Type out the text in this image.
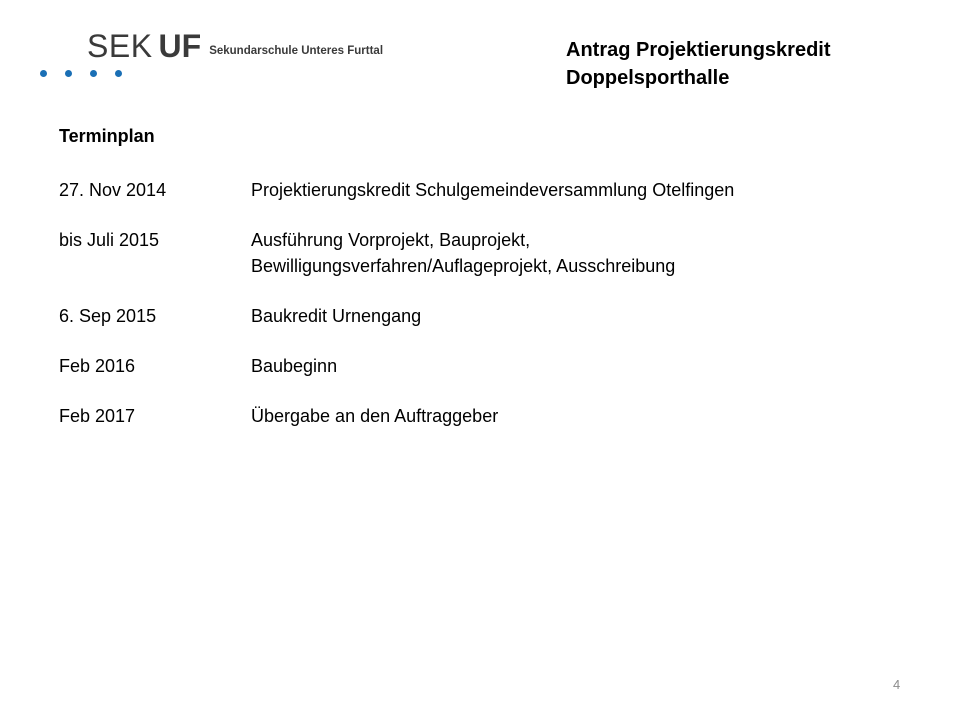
SEK UF Sekundarschule Unteres Furttal	Antrag Projektierungskredit
Doppelsporthalle
Terminplan
27. Nov 2014	Projektierungskredit Schulgemeindeversammlung Otelfingen
bis Juli 2015	Ausführung Vorprojekt, Bauprojekt,
Bewilligungsverfahren/Auflageprojekt, Ausschreibung
6. Sep 2015	Baukredit Urnengang
Feb 2016	Baubeginn
Feb 2017	Übergabe an den Auftraggeber
4
